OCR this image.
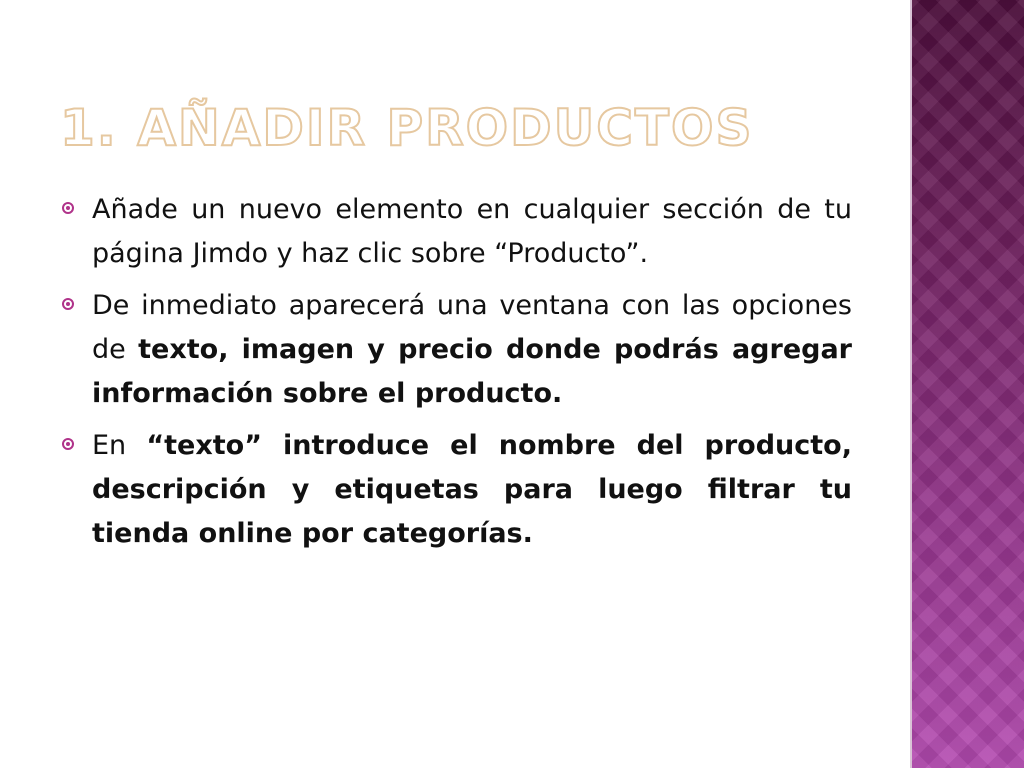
1. AÑADIR PRODUCTOS
Añade un nuevo elemento en cualquier sección de tu página Jimdo y haz clic sobre “Producto”.
De inmediato aparecerá una ventana con las opciones de texto, imagen y precio donde podrás agregar información sobre el producto.
En “texto” introduce el nombre del producto, descripción y etiquetas para luego filtrar tu tienda online por categorías.
